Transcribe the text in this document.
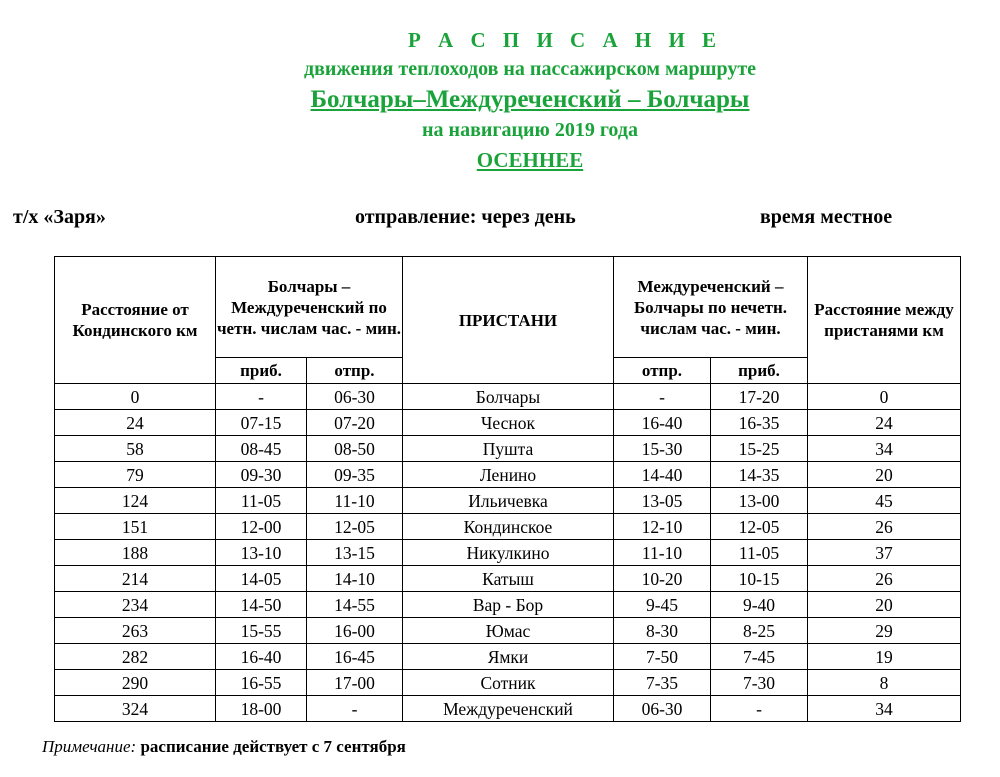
Р А С П И С А Н И Е
движения теплоходов на пассажирском маршруте
Болчары–Междуреченский – Болчары
на навигацию 2019 года
ОСЕННЕЕ
т/х «Заря»	отправление: через день	время местное
Расстояние от Кондинского км	Болчары – Междуреченский по четн. числам час. - мин.		ПРИСТАНИ	Междуреченский – Болчары по нечетн. числам час. - мин.		Расстояние между пристанями км
	приб.	отпр.		отпр.	приб.	
0	-	06-30	Болчары	-	17-20	0
24	07-15	07-20	Чеснок	16-40	16-35	24
58	08-45	08-50	Пушта	15-30	15-25	34
79	09-30	09-35	Ленино	14-40	14-35	20
124	11-05	11-10	Ильичевка	13-05	13-00	45
151	12-00	12-05	Кондинское	12-10	12-05	26
188	13-10	13-15	Никулкино	11-10	11-05	37
214	14-05	14-10	Катыш	10-20	10-15	26
234	14-50	14-55	Вар - Бор	9-45	9-40	20
263	15-55	16-00	Юмас	8-30	8-25	29
282	16-40	16-45	Ямки	7-50	7-45	19
290	16-55	17-00	Сотник	7-35	7-30	8
324	18-00	-	Междуреченский	06-30	-	34
Примечание: расписание действует с 7 сентября
